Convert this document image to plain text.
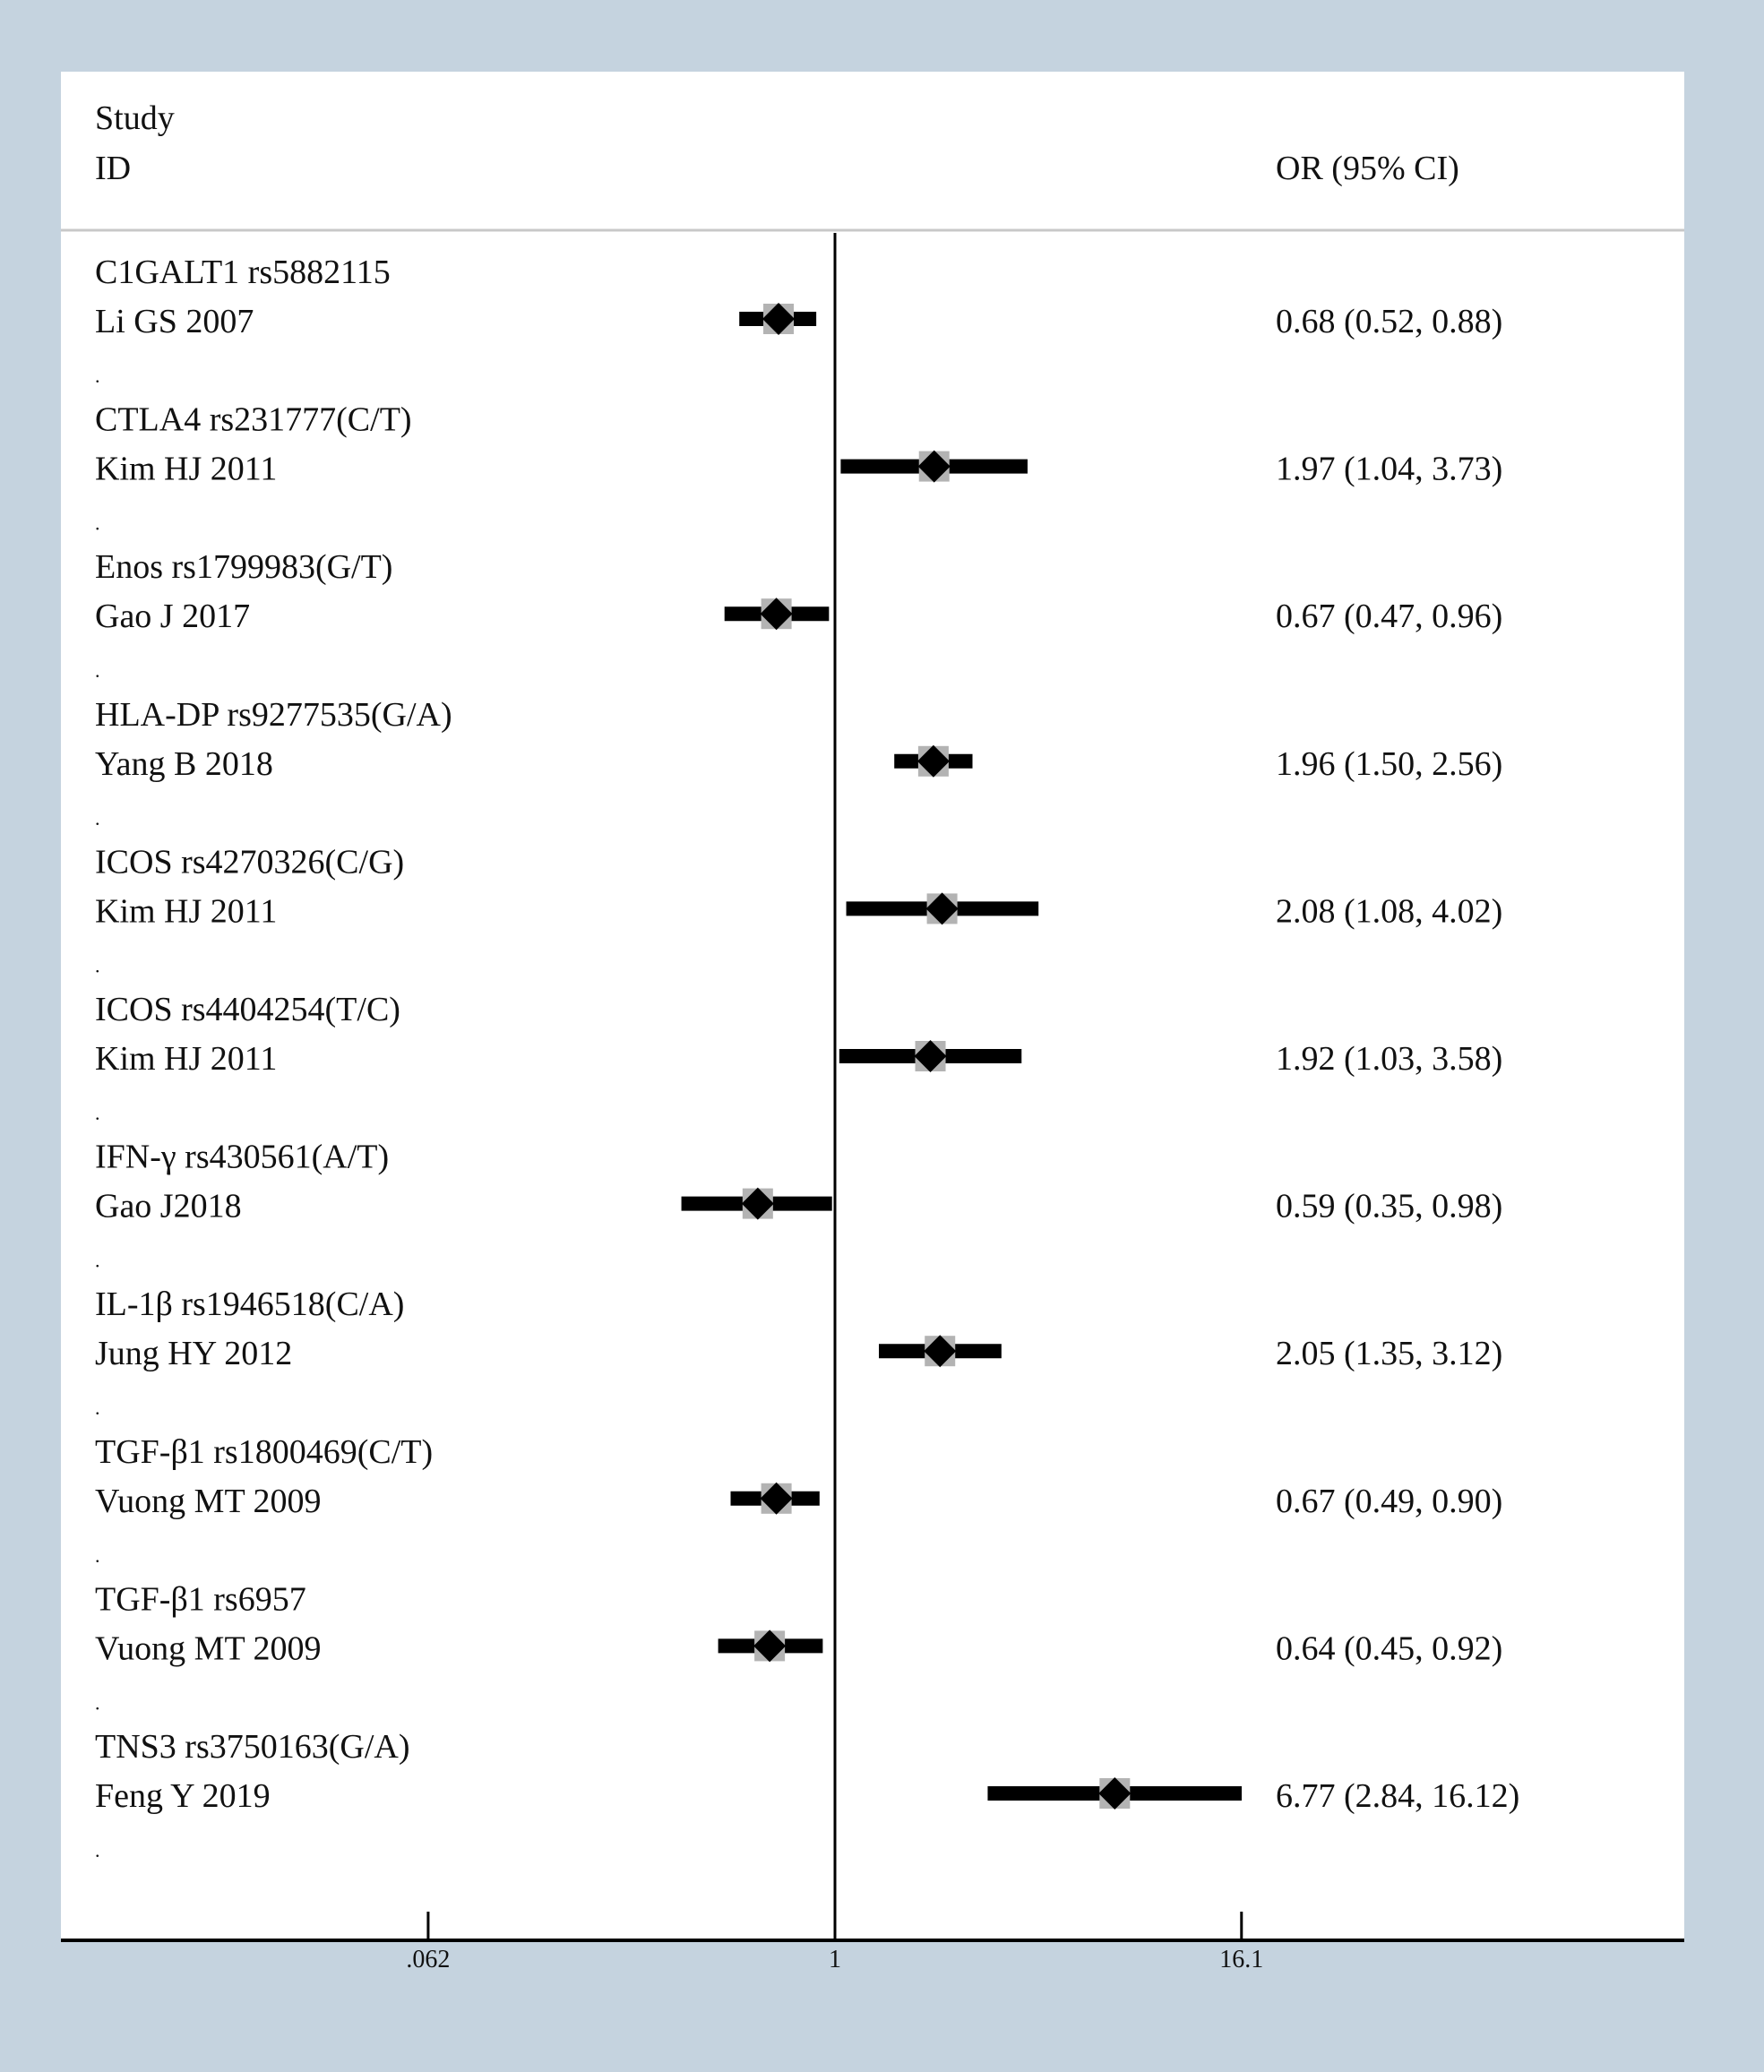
Study
ID	OR (95% CI)
C1GALT1 rs5882115
Li GS 2007
.
0.68 (0.52, 0.88)
CTLA4 rs231777(C/T)
Kim HJ 2011
.
1.97 (1.04, 3.73)
Enos rs1799983(G/T)
Gao J 2017
.
0.67 (0.47, 0.96)
HLA-DP rs9277535(G/A)
Yang B 2018
.
1.96 (1.50, 2.56)
ICOS rs4270326(C/G)
Kim HJ 2011
.
2.08 (1.08, 4.02)
ICOS rs4404254(T/C)
Kim HJ 2011
.
1.92 (1.03, 3.58)
IFN-γ rs430561(A/T)
Gao J2018
.
0.59 (0.35, 0.98)
IL-1β rs1946518(C/A)
Jung HY 2012
.
2.05 (1.35, 3.12)
TGF-β1 rs1800469(C/T)
Vuong MT 2009
.
0.67 (0.49, 0.90)
TGF-β1 rs6957
Vuong MT 2009
.
0.64 (0.45, 0.92)
TNS3 rs3750163(G/A)
Feng Y 2019
.
6.77 (2.84, 16.12)
.062	1	16.1
